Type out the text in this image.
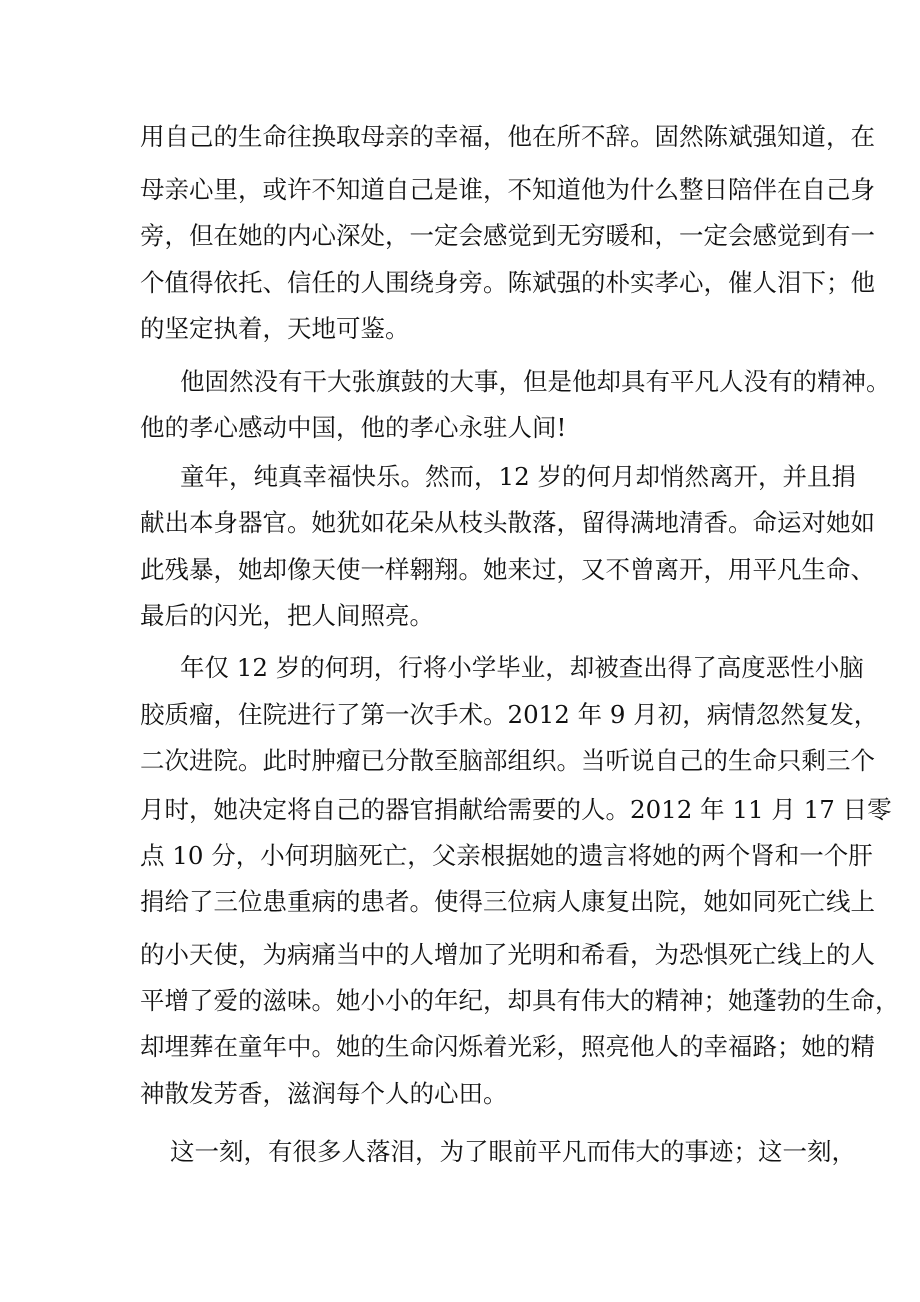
用自己的生命往换取母亲的幸福，他在所不辞。固然陈斌强知道，在

母亲心里，或许不知道自己是谁，不知道他为什么整日陪伴在自己身

旁，但在她的内心深处，一定会感觉到无穷暖和，一定会感觉到有一

个值得依托、信任的人围绕身旁。陈斌强的朴实孝心，催人泪下；他

的坚定执着，天地可鉴。

他固然没有干大张旗鼓的大事，但是他却具有平凡人没有的精神。

他的孝心感动中国，他的孝心永驻人间!

童年，纯真幸福快乐。然而，12 岁的何月却悄然离开，并且捐

献出本身器官。她犹如花朵从枝头散落，留得满地清香。命运对她如

此残暴，她却像天使一样翱翔。她来过，又不曾离开，用平凡生命、

最后的闪光，把人间照亮。

年仅 12 岁的何玥，行将小学毕业，却被查出得了高度恶性小脑

胶质瘤，住院进行了第一次手术。2012 年 9 月初，病情忽然复发，

二次进院。此时肿瘤已分散至脑部组织。当听说自己的生命只剩三个

月时，她决定将自己的器官捐献给需要的人。2012 年 11 月 17 日零

点 10 分，小何玥脑死亡，父亲根据她的遗言将她的两个肾和一个肝

捐给了三位患重病的患者。使得三位病人康复出院，她如同死亡线上

的小天使，为病痛当中的人增加了光明和希看，为恐惧死亡线上的人

平增了爱的滋味。她小小的年纪，却具有伟大的精神；她蓬勃的生命，

却埋葬在童年中。她的生命闪烁着光彩，照亮他人的幸福路；她的精

神散发芳香，滋润每个人的心田。

这一刻，有很多人落泪，为了眼前平凡而伟大的事迹；这一刻，
